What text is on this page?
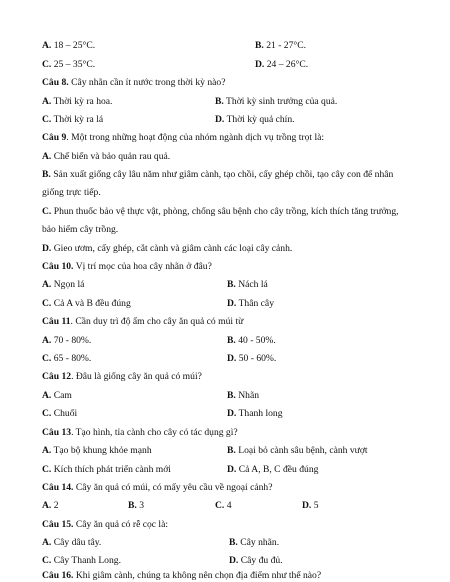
A. 18 – 25°C.	B. 21 - 27°C.
C. 25 – 35°C.	D. 24 – 26°C.
Câu 8. Cây nhãn cần ít nước trong thời kỳ nào?
A. Thời kỳ ra hoa.	B. Thời kỳ sinh trưởng của quả.
C. Thời kỳ ra lá	D. Thời kỳ quả chín.
Câu 9. Một trong những hoạt động của nhóm ngành dịch vụ trồng trọt là:
A. Chế biến và bảo quản rau quả.
B. Sản xuất giống cây lâu năm như giâm cành, tạo chồi, cấy ghép chồi, tạo cây con để nhân
giống trực tiếp.
C. Phun thuốc bảo vệ thực vật, phòng, chống sâu bệnh cho cây trồng, kích thích tăng trưởng,
bảo hiểm cây trồng.
D. Gieo ươm, cấy ghép, cắt cành và giâm cành các loại cây cảnh.
Câu 10. Vị trí mọc của hoa cây nhãn ở đâu?
A. Ngọn lá	B. Nách lá
C. Cả A và B đều đúng	D. Thân cây
Câu 11. Cần duy trì độ ẩm cho cây ăn quả có múi từ
A. 70 - 80%.	B. 40 - 50%.
C. 65 - 80%.	D. 50 - 60%.
Câu 12. Đâu là giống cây ăn quả có múi?
A. Cam	B. Nhãn
C. Chuối	D. Thanh long
Câu 13. Tạo hình, tỉa cành cho cây có tác dụng gì?
A. Tạo bộ khung khỏe mạnh	B. Loại bỏ cành sâu bệnh, cành vượt
C. Kích thích phát triển cành mới	D. Cả A, B, C đều đúng
Câu 14. Cây ăn quả có múi, có mấy yêu cầu về ngoại cảnh?
A. 2	B. 3	C. 4	D. 5
Câu 15. Cây ăn quả có rễ cọc là:
A. Cây dâu tây.	B. Cây nhãn.
C. Cây Thanh Long.	D. Cây đu đủ.
Câu 16. Khi giâm cành, chúng ta không nên chọn địa điểm như thế nào?
